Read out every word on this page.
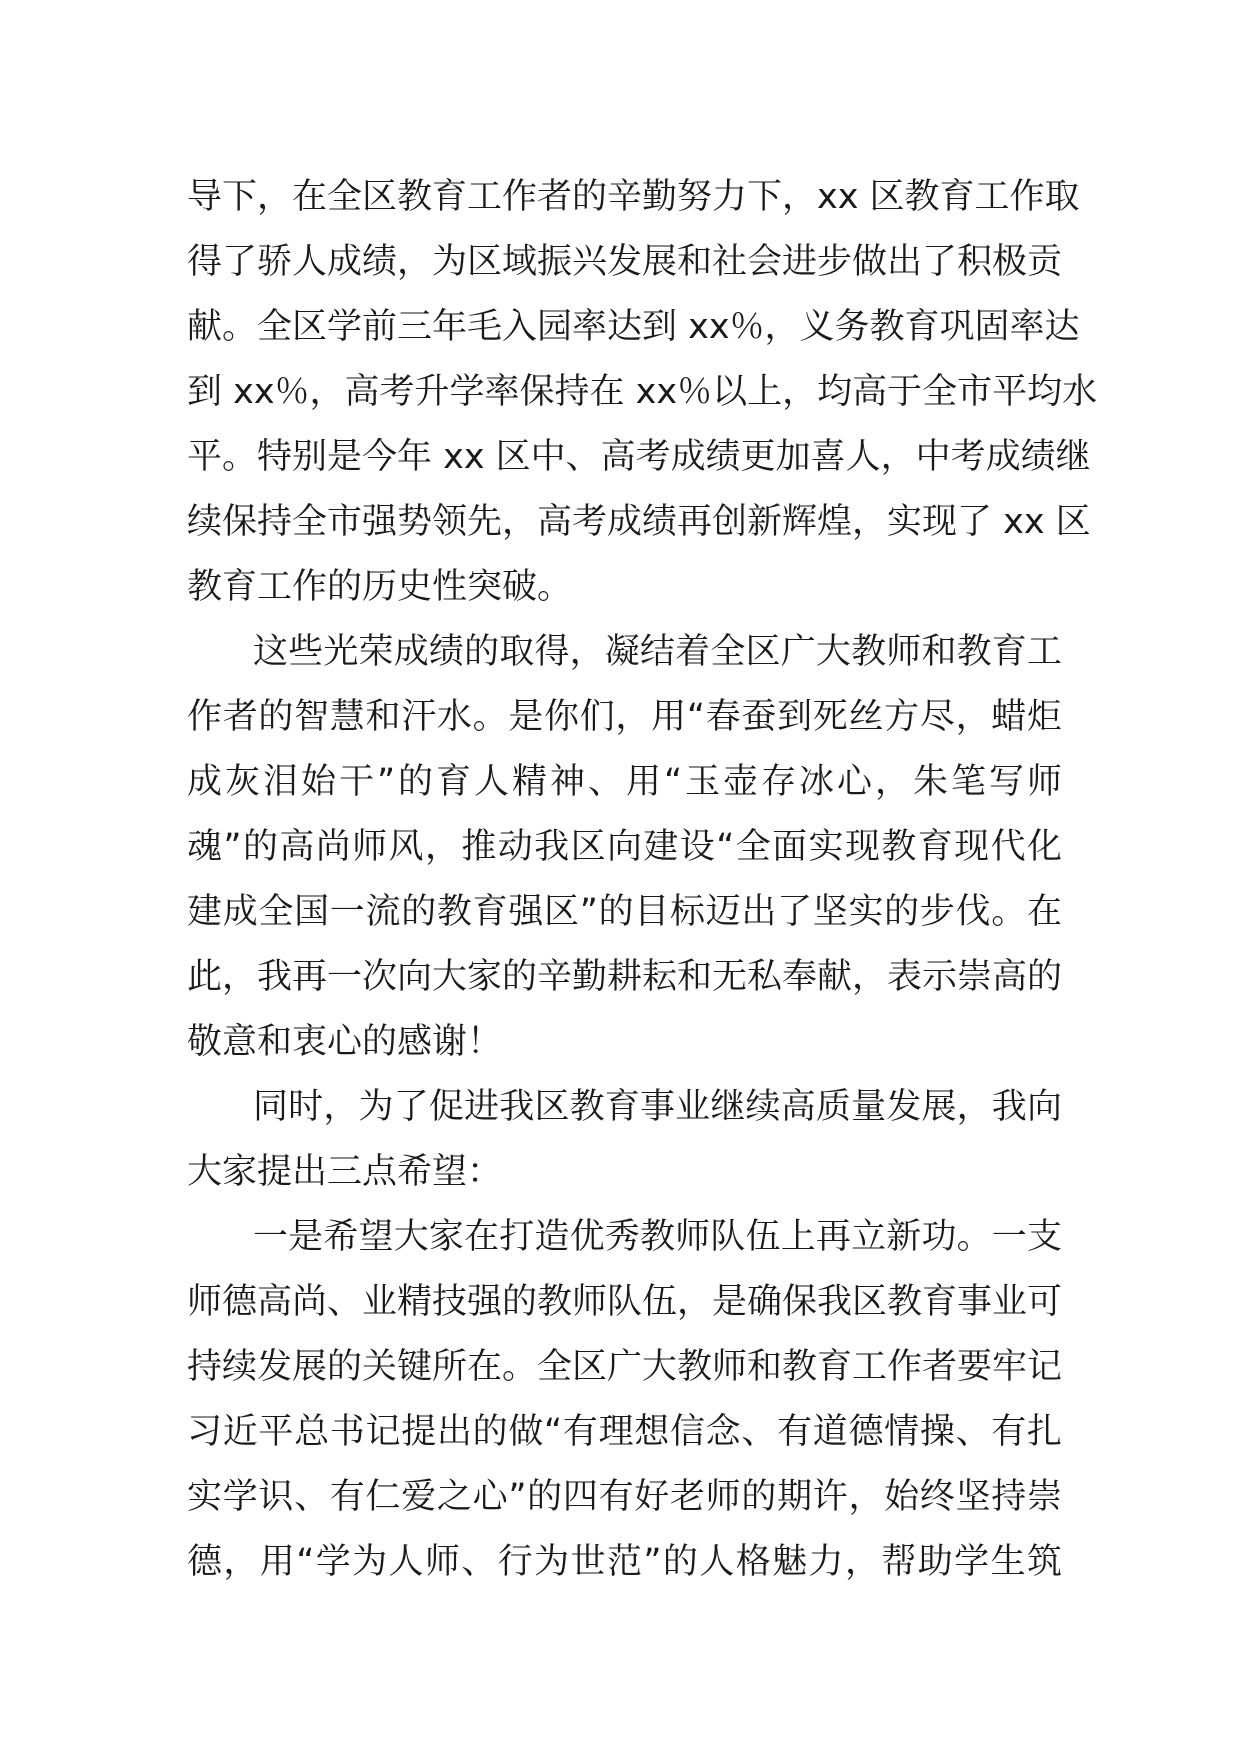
导下，在全区教育工作者的辛勤努力下，xx 区教育工作取
得了骄人成绩，为区域振兴发展和社会进步做出了积极贡
献。全区学前三年毛入园率达到 xx％，义务教育巩固率达
到 xx％，高考升学率保持在 xx％以上，均高于全市平均水
平。特别是今年 xx 区中、高考成绩更加喜人，中考成绩继
续保持全市强势领先，高考成绩再创新辉煌，实现了 xx 区
教育工作的历史性突破。
这些光荣成绩的取得，凝结着全区广大教师和教育工
作者的智慧和汗水。是你们，用“春蚕到死丝方尽，蜡炬
成灰泪始干”的育人精神、用“玉壶存冰心，朱笔写师
魂”的高尚师风，推动我区向建设“全面实现教育现代化
建成全国一流的教育强区”的目标迈出了坚实的步伐。在
此，我再一次向大家的辛勤耕耘和无私奉献，表示崇高的
敬意和衷心的感谢！
同时，为了促进我区教育事业继续高质量发展，我向
大家提出三点希望：
一是希望大家在打造优秀教师队伍上再立新功。一支
师德高尚、业精技强的教师队伍，是确保我区教育事业可
持续发展的关键所在。全区广大教师和教育工作者要牢记
习近平总书记提出的做“有理想信念、有道德情操、有扎
实学识、有仁爱之心”的四有好老师的期许，始终坚持崇
德，用“学为人师、行为世范”的人格魅力，帮助学生筑
